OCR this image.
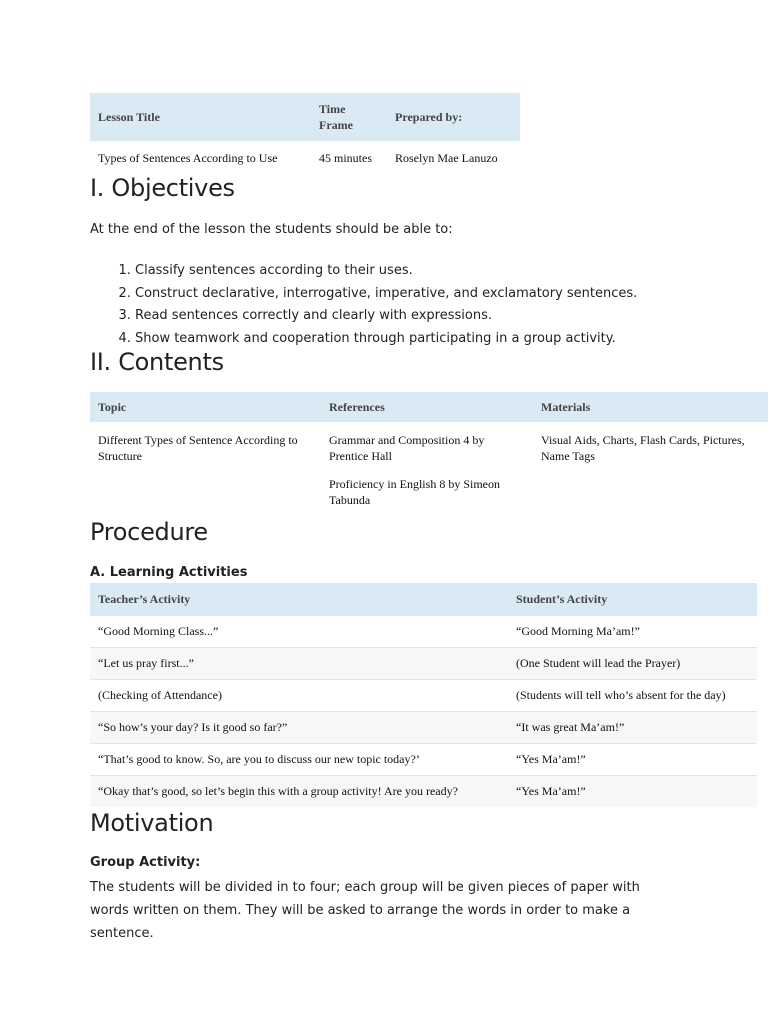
Lesson Title	Time Frame	Prepared by:
Types of Sentences According to Use	45 minutes	Roselyn Mae Lanuzo
I. Objectives

At the end of the lesson the students should be able to:

1. Classify sentences according to their uses.
2. Construct declarative, interrogative, imperative, and exclamatory sentences.
3. Read sentences correctly and clearly with expressions.
4. Show teamwork and cooperation through participating in a group activity.
II. Contents
Topic	References	Materials
Different Types of Sentence According to Structure	Grammar and Composition 4 by Prentice Hall	Visual Aids, Charts, Flash Cards, Pictures, Name Tags
	Proficiency in English 8 by Simeon Tabunda	
Procedure

A. Learning Activities

Teacher’s Activity	Student’s Activity
“Good Morning Class...”	“Good Morning Ma’am!”
“Let us pray first...”	(One Student will lead the Prayer)
(Checking of Attendance)	(Students will tell who’s absent for the day)
“So how’s your day? Is it good so far?”	“It was great Ma’am!”
“That’s good to know. So, are you to discuss our new topic today?’	“Yes Ma’am!”
“Okay that’s good, so let’s begin this with a group activity! Are you ready?	“Yes Ma’am!”
Motivation

Group Activity:

The students will be divided in to four; each group will be given pieces of paper with words written on them. They will be asked to arrange the words in order to make a sentence.
